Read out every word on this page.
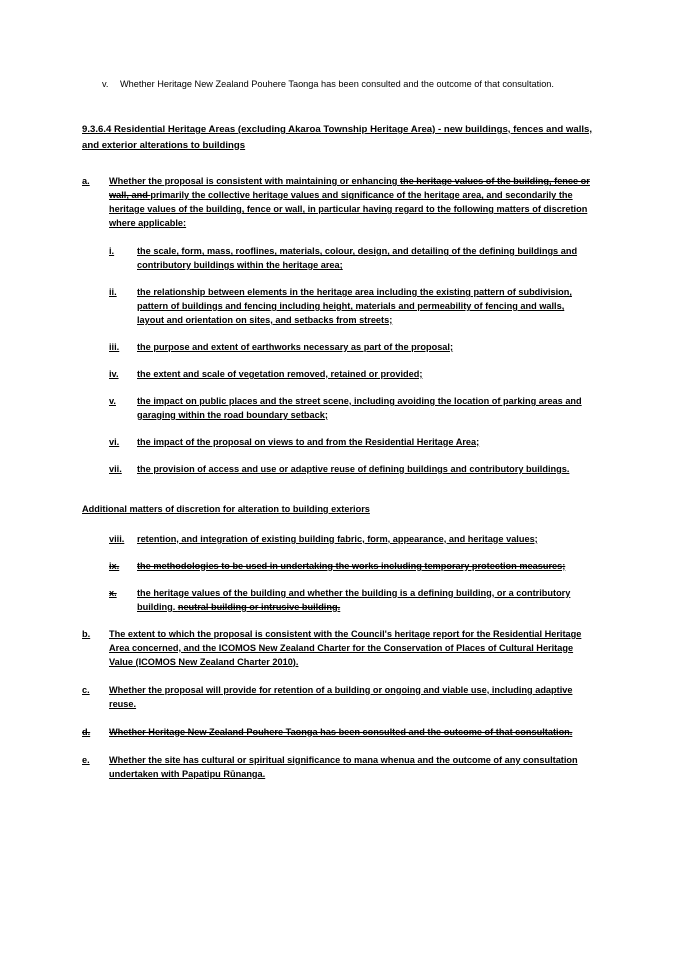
v.	Whether Heritage New Zealand Pouhere Taonga has been consulted and the outcome of that consultation.
9.3.6.4 Residential Heritage Areas (excluding Akaroa Township Heritage Area) - new buildings, fences and walls, and exterior alterations to buildings
a.	Whether the proposal is consistent with maintaining or enhancing the heritage values of the building, fence or wall, and primarily the collective heritage values and significance of the heritage area, and secondarily the heritage values of the building, fence or wall, in particular having regard to the following matters of discretion where applicable:
i.	the scale, form, mass, rooflines, materials, colour, design, and detailing of the defining buildings and contributory buildings within the heritage area;
ii.	the relationship between elements in the heritage area including the existing pattern of subdivision, pattern of buildings and fencing including height, materials and permeability of fencing and walls, layout and orientation on sites, and setbacks from streets;
iii.	the purpose and extent of earthworks necessary as part of the proposal;
iv.	the extent and scale of vegetation removed, retained or provided;
v.	the impact on public places and the street scene, including avoiding the location of parking areas and garaging within the road boundary setback;
vi.	the impact of the proposal on views to and from the Residential Heritage Area;
vii.	the provision of access and use or adaptive reuse of defining buildings and contributory buildings.
Additional matters of discretion for alteration to building exteriors
viii.	retention, and integration of existing building fabric, form, appearance, and heritage values;
ix.	the methodologies to be used in undertaking the works including temporary protection measures;
x.	the heritage values of the building and whether the building is a defining building, or a contributory building. neutral building or intrusive building.
b.	The extent to which the proposal is consistent with the Council's heritage report for the Residential Heritage Area concerned, and the ICOMOS New Zealand Charter for the Conservation of Places of Cultural Heritage Value (ICOMOS New Zealand Charter 2010).
c.	Whether the proposal will provide for retention of a building or ongoing and viable use, including adaptive reuse.
d.	Whether Heritage New Zealand Pouhere Taonga has been consulted and the outcome of that consultation.
e.	Whether the site has cultural or spiritual significance to mana whenua and the outcome of any consultation undertaken with Papatipu Rūnanga.
